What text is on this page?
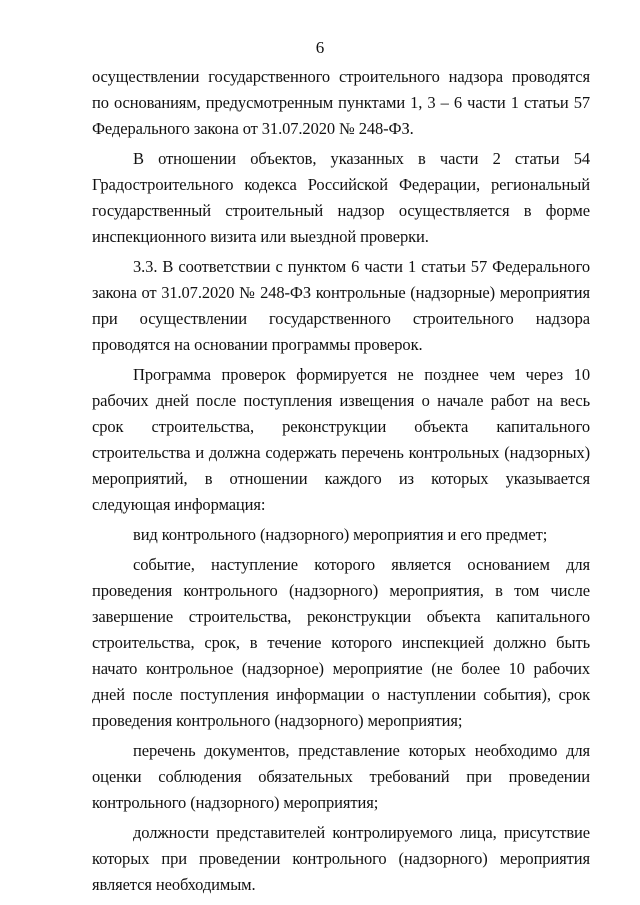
6

осуществлении государственного строительного надзора проводятся по основаниям, предусмотренным пунктами 1, 3 – 6 части 1 статьи 57 Федерального закона от 31.07.2020 № 248-ФЗ.

В отношении объектов, указанных в части 2 статьи 54 Градостроительного кодекса Российской Федерации, региональный государственный строительный надзор осуществляется в форме инспекционного визита или выездной проверки.

3.3. В соответствии с пунктом 6 части 1 статьи 57 Федерального закона от 31.07.2020 № 248-ФЗ контрольные (надзорные) мероприятия при осуществлении государственного строительного надзора проводятся на основании программы проверок.

Программа проверок формируется не позднее чем через 10 рабочих дней после поступления извещения о начале работ на весь срок строительства, реконструкции объекта капитального строительства и должна содержать перечень контрольных (надзорных) мероприятий, в отношении каждого из которых указывается следующая информация:

вид контрольного (надзорного) мероприятия и его предмет;

событие, наступление которого является основанием для проведения контрольного (надзорного) мероприятия, в том числе завершение строительства, реконструкции объекта капитального строительства, срок, в течение которого инспекцией должно быть начато контрольное (надзорное) мероприятие (не более 10 рабочих дней после поступления информации о наступлении события), срок проведения контрольного (надзорного) мероприятия;

перечень документов, представление которых необходимо для оценки соблюдения обязательных требований при проведении контрольного (надзорного) мероприятия;

должности представителей контролируемого лица, присутствие которых при проведении контрольного (надзорного) мероприятия является необходимым.
